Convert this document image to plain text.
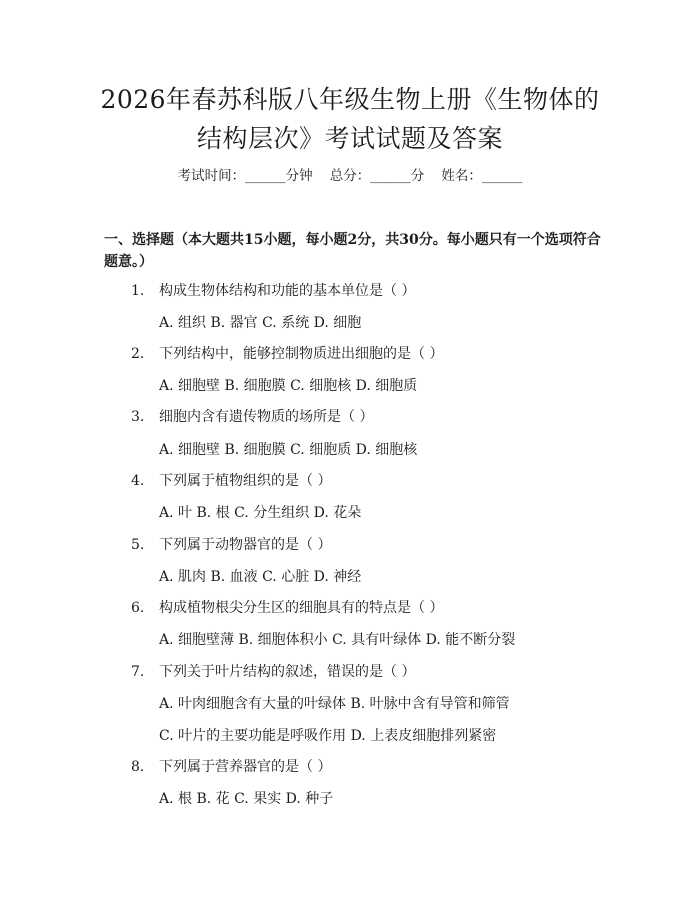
2026年春苏科版八年级生物上册《生物体的
结构层次》考试试题及答案
考试时间：______分钟    总分：______分    姓名：______
一、选择题（本大题共15小题，每小题2分，共30分。每小题只有一个选项符合题意。）
1.	构成生物体结构和功能的基本单位是（ ）
A. 组织 B. 器官 C. 系统 D. 细胞
2.	下列结构中，能够控制物质进出细胞的是（ ）
A. 细胞壁 B. 细胞膜 C. 细胞核 D. 细胞质
3.	细胞内含有遗传物质的场所是（ ）
A. 细胞壁 B. 细胞膜 C. 细胞质 D. 细胞核
4.	下列属于植物组织的是（ ）
A. 叶 B. 根 C. 分生组织 D. 花朵
5.	下列属于动物器官的是（ ）
A. 肌肉 B. 血液 C. 心脏 D. 神经
6.	构成植物根尖分生区的细胞具有的特点是（ ）
A. 细胞壁薄 B. 细胞体积小 C. 具有叶绿体 D. 能不断分裂
7.	下列关于叶片结构的叙述，错误的是（ ）
A. 叶肉细胞含有大量的叶绿体 B. 叶脉中含有导管和筛管
C. 叶片的主要功能是呼吸作用 D. 上表皮细胞排列紧密
8.	下列属于营养器官的是（ ）
A. 根 B. 花 C. 果实 D. 种子
